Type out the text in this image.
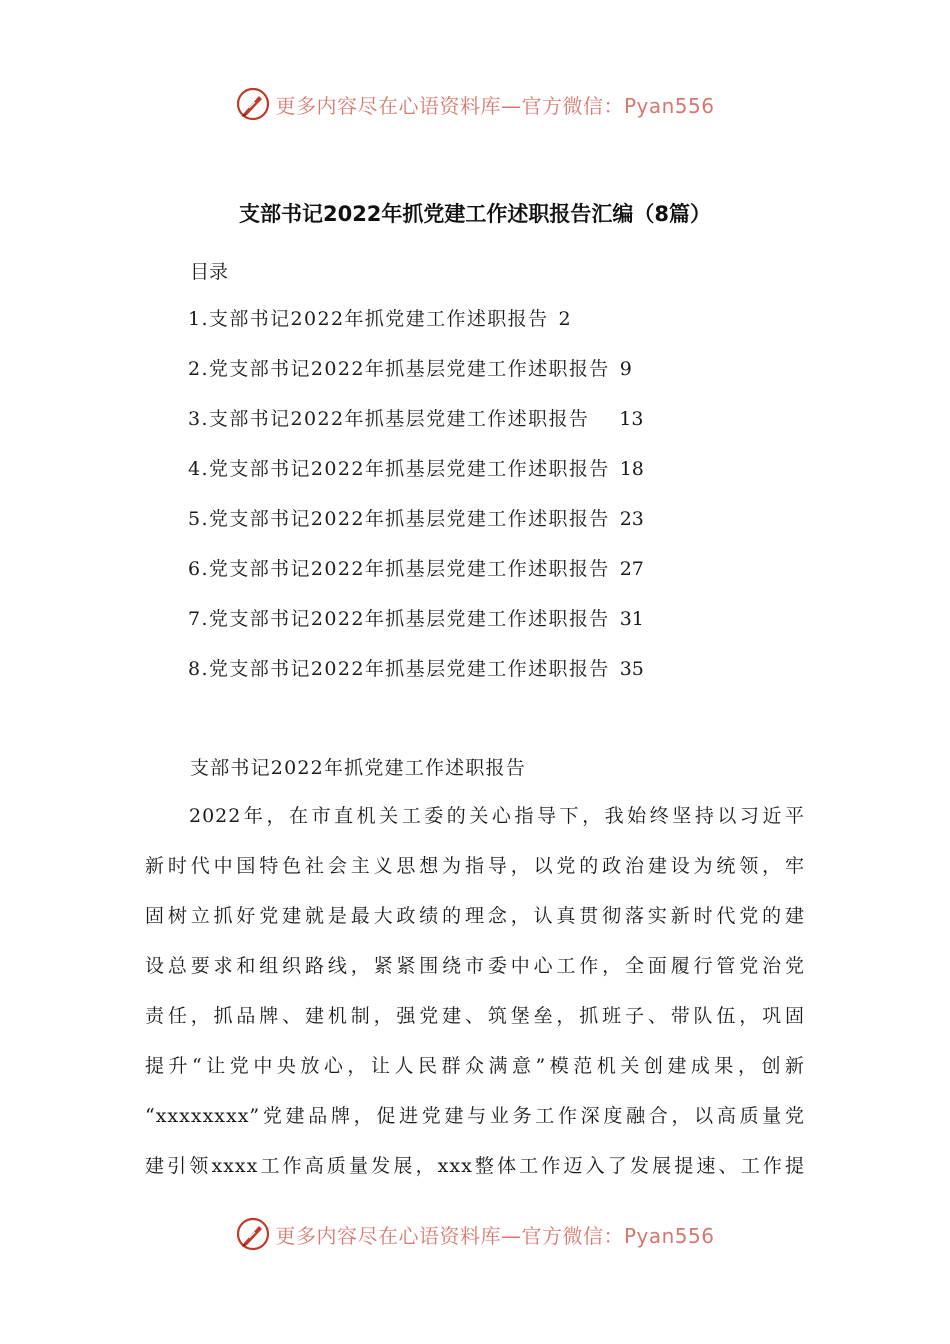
更多内容尽在心语资料库—官方微信：Pyan556
支部书记2022年抓党建工作述职报告汇编（8篇）
目录
1.支部书记2022年抓党建工作述职报告 2
2.党支部书记2022年抓基层党建工作述职报告 9
3.支部书记2022年抓基层党建工作述职报告 13
4.党支部书记2022年抓基层党建工作述职报告 18
5.党支部书记2022年抓基层党建工作述职报告 23
6.党支部书记2022年抓基层党建工作述职报告 27
7.党支部书记2022年抓基层党建工作述职报告 31
8.党支部书记2022年抓基层党建工作述职报告 35
支部书记2022年抓党建工作述职报告
2022年，在市直机关工委的关心指导下，我始终坚持以习近平
新时代中国特色社会主义思想为指导，以党的政治建设为统领，牢
固树立抓好党建就是最大政绩的理念，认真贯彻落实新时代党的建
设总要求和组织路线，紧紧围绕市委中心工作，全面履行管党治党
责任，抓品牌、建机制，强党建、筑堡垒，抓班子、带队伍，巩固
提升“让党中央放心，让人民群众满意”模范机关创建成果，创新
“xxxxxxxx”党建品牌，促进党建与业务工作深度融合，以高质量党
建引领xxxx工作高质量发展，xxx整体工作迈入了发展提速、工作提
更多内容尽在心语资料库—官方微信：Pyan556
